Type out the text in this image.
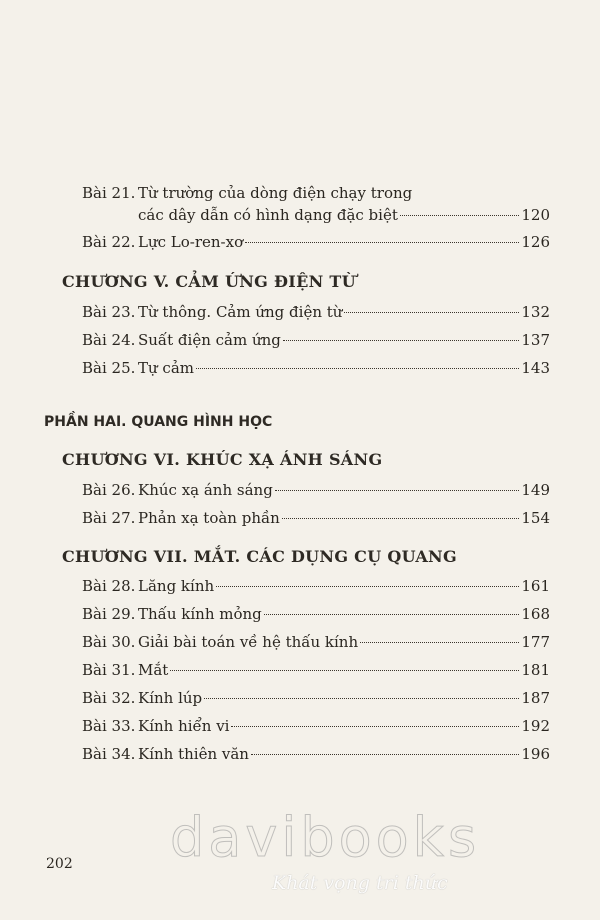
Bài 21. Từ trường của dòng điện chạy trong
các dây dẫn có hình dạng đặc biệt	120
Bài 22. Lực Lo-ren-xơ	126
CHƯƠNG V. CẢM ỨNG ĐIỆN TỪ
Bài 23. Từ thông. Cảm ứng điện từ	132
Bài 24. Suất điện cảm ứng	137
Bài 25. Tự cảm	143
PHẦN HAI. QUANG HÌNH HỌC
CHƯƠNG VI. KHÚC XẠ ÁNH SÁNG
Bài 26. Khúc xạ ánh sáng	149
Bài 27. Phản xạ toàn phần	154
CHƯƠNG VII. MẮT. CÁC DỤNG CỤ QUANG
Bài 28. Lăng kính	161
Bài 29. Thấu kính mỏng	168
Bài 30. Giải bài toán về hệ thấu kính	177
Bài 31. Mắt	181
Bài 32. Kính lúp	187
Bài 33. Kính hiển vi	192
Bài 34. Kính thiên văn	196
davibooks
Khát vọng tri thức
202
